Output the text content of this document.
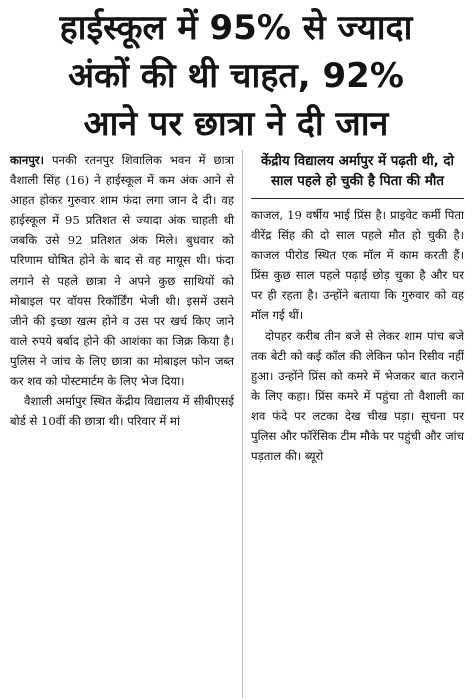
हाईस्कूल में 95% से ज्यादा
अंकों की थी चाहत, 92%
आने पर छात्रा ने दी जान

कानपुर। पनकी रतनपुर शिवालिक भवन में छात्रा वैशाली सिंह (16) ने हाईस्कूल में कम अंक आने से आहत होकर गुरुवार शाम फंदा लगा जान दे दी। वह हाईस्कूल में 95 प्रतिशत से ज्यादा अंक चाहती थी जबकि उसे 92 प्रतिशत अंक मिले। बुधवार को परिणाम घोषित होने के बाद से वह मायूस थी। फंदा लगाने से पहले छात्रा ने अपने कुछ साथियों को मोबाइल पर वॉयस रिकॉर्डिंग भेजी थी। इसमें उसने जीने की इच्छा खत्म होने व उस पर खर्च किए जाने वाले रुपये बर्बाद होने की आशंका का जिक्र किया है। पुलिस ने जांच के लिए छात्रा का मोबाइल फोन जब्त कर शव को पोस्टमार्टम के लिए भेज दिया।
वैशाली अर्मापुर स्थित केंद्रीय विद्यालय में सीबीएसई बोर्ड से 10वीं की छात्रा थी। परिवार में मां

केंद्रीय विद्यालय अर्मापुर में पढ़ती थी, दो साल पहले हो चुकी है पिता की मौत

काजल, 19 वर्षीय भाई प्रिंस है। प्राइवेट कर्मी पिता वीरेंद्र सिंह की दो साल पहले मौत हो चुकी है। काजल पीरोड स्थित एक मॉल में काम करती हैं। प्रिंस कुछ साल पहले पढ़ाई छोड़ चुका है और घर पर ही रहता है। उन्होंने बताया कि गुरुवार को वह मॉल गई थीं।
दोपहर करीब तीन बजे से लेकर शाम पांच बजे तक बेटी को कई कॉल की लेकिन फोन रिसीव नहीं हुआ। उन्होंने प्रिंस को कमरे में भेजकर बात कराने के लिए कहा। प्रिंस कमरे में पहुंचा तो वैशाली का शव फंदे पर लटका देख चीख पड़ा। सूचना पर पुलिस और फॉरेंसिक टीम मौके पर पहुंची और जांच पड़ताल की। ब्यूरो
